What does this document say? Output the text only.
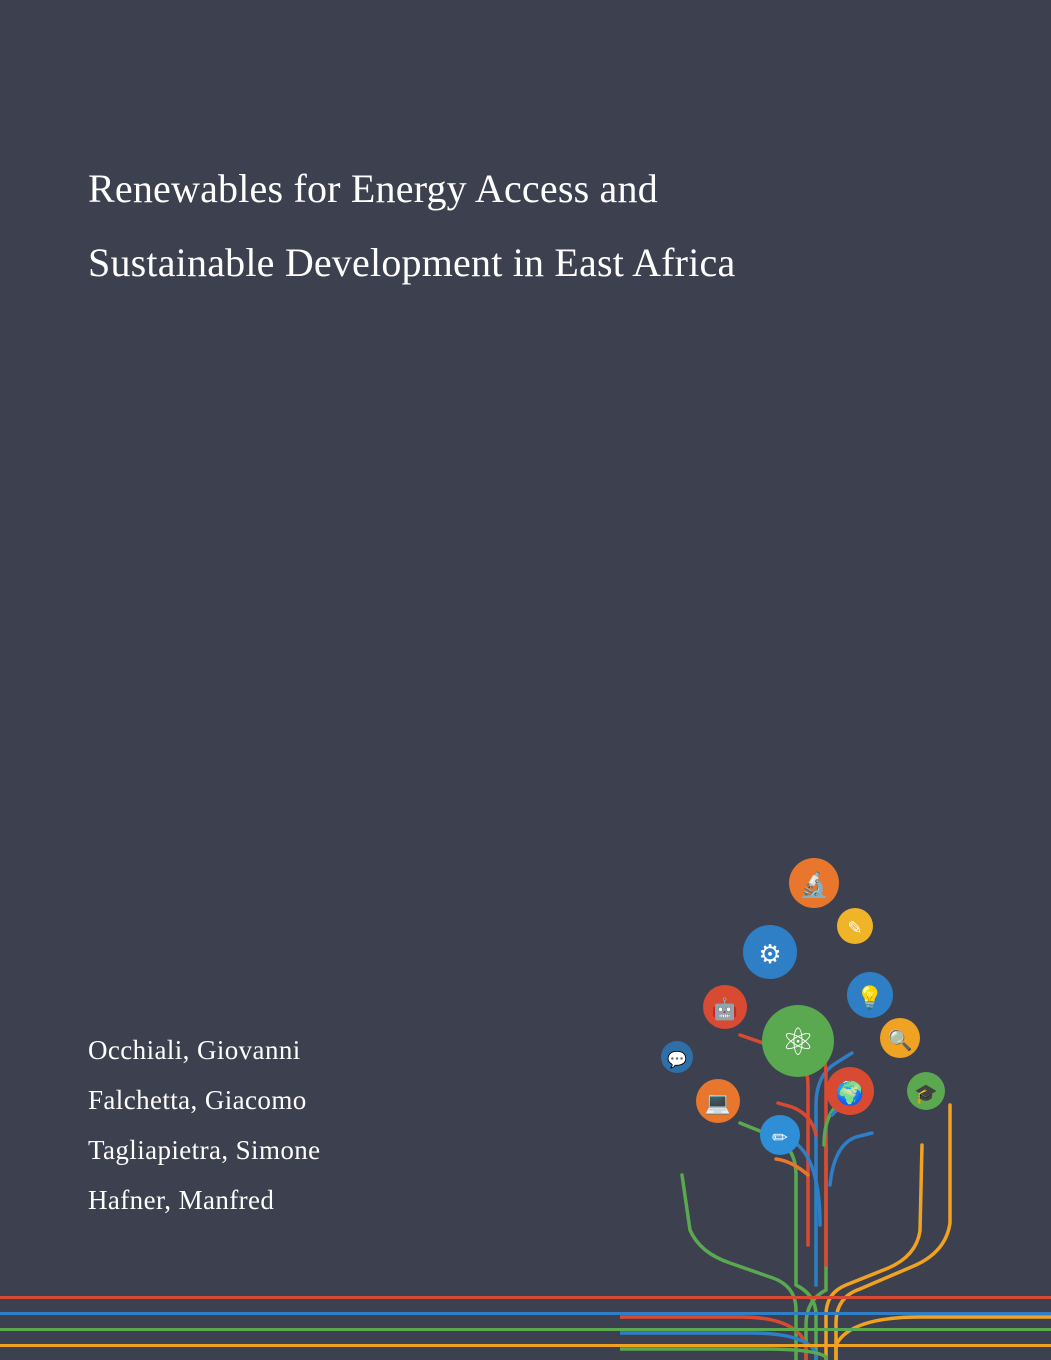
Renewables for Energy Access and
Sustainable Development in East Africa
Occhiali, Giovanni
Falchetta, Giacomo
Tagliapietra, Simone
Hafner, Manfred
🔬
✎
⚙
💡
🤖
⚛	🔍
💬
💻	🌍	🎓
✏
